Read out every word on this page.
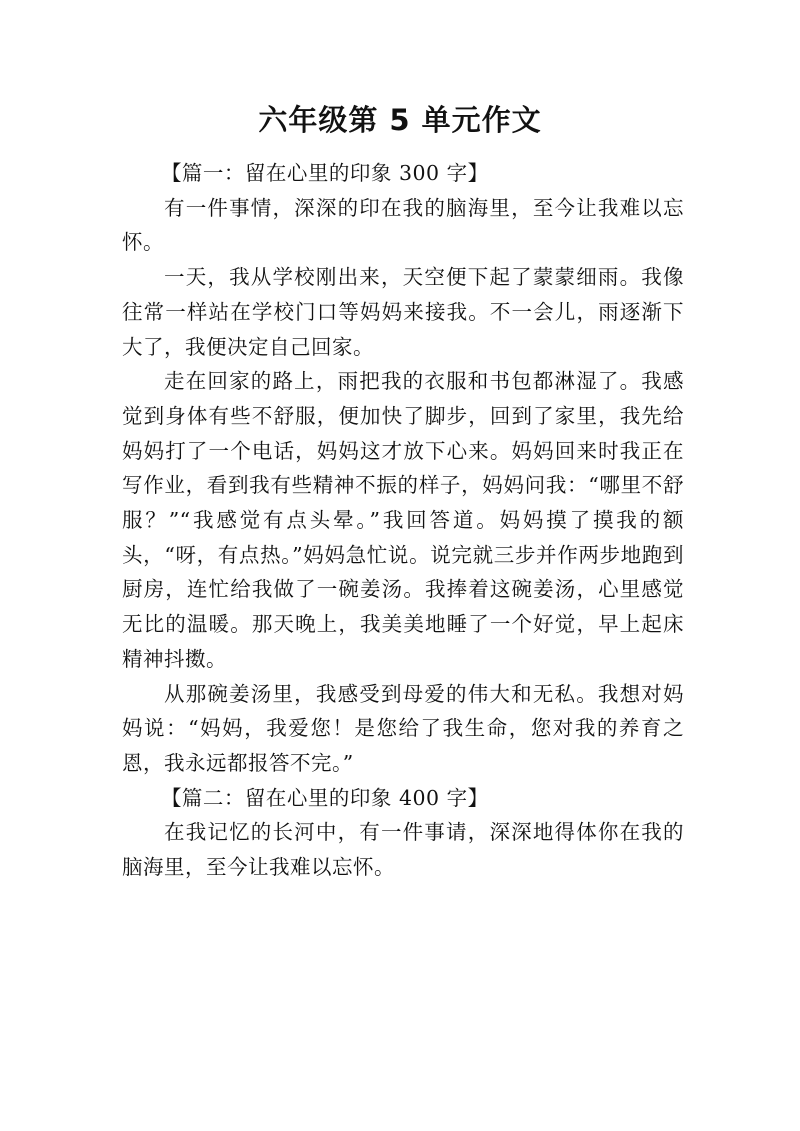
六年级第 5 单元作文

【篇一：留在心里的印象 300 字】

有一件事情，深深的印在我的脑海里，至今让我难以忘怀。

一天，我从学校刚出来，天空便下起了蒙蒙细雨。我像往常一样站在学校门口等妈妈来接我。不一会儿，雨逐渐下大了，我便决定自己回家。

走在回家的路上，雨把我的衣服和书包都淋湿了。我感觉到身体有些不舒服，便加快了脚步，回到了家里，我先给妈妈打了一个电话，妈妈这才放下心来。妈妈回来时我正在写作业，看到我有些精神不振的样子，妈妈问我：“哪里不舒服？”“我感觉有点头晕。”我回答道。妈妈摸了摸我的额头，“呀，有点热。”妈妈急忙说。说完就三步并作两步地跑到厨房，连忙给我做了一碗姜汤。我捧着这碗姜汤，心里感觉无比的温暖。那天晚上，我美美地睡了一个好觉，早上起床精神抖擞。

从那碗姜汤里，我感受到母爱的伟大和无私。我想对妈妈说：“妈妈，我爱您！是您给了我生命，您对我的养育之恩，我永远都报答不完。”

【篇二：留在心里的印象 400 字】

在我记忆的长河中，有一件事请，深深地得体你在我的脑海里，至今让我难以忘怀。
